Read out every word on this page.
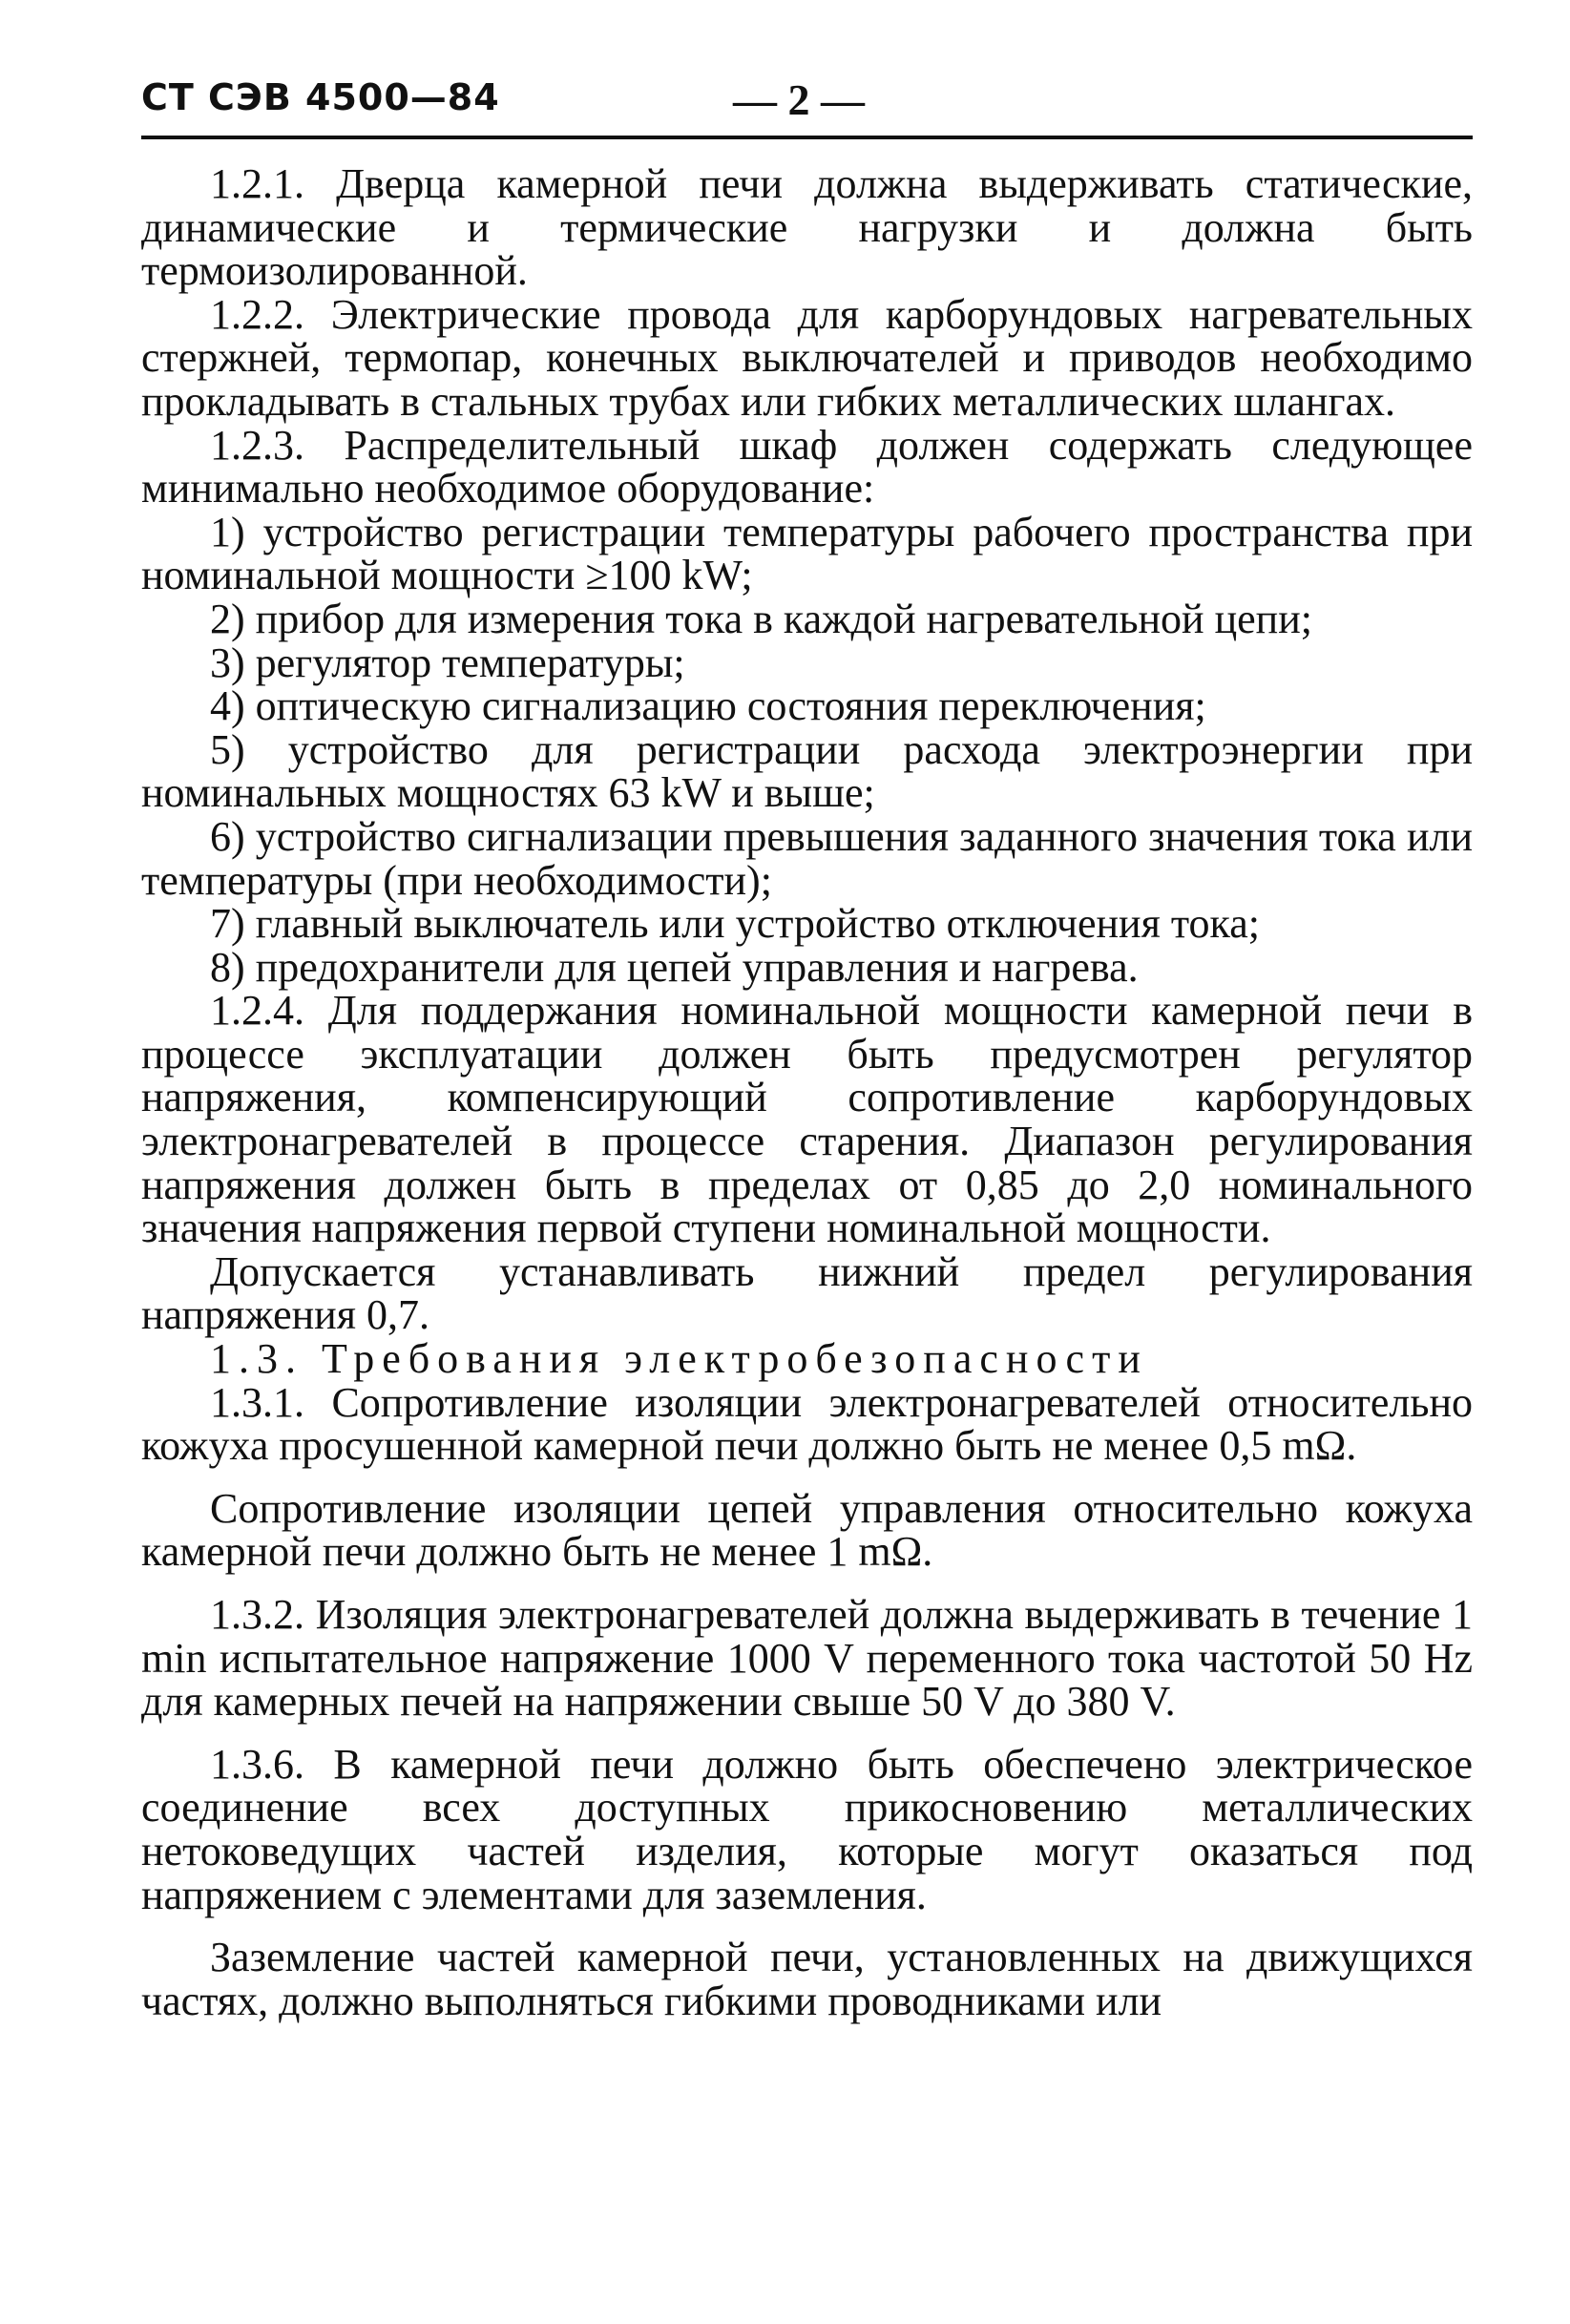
СТ СЭВ 4500—84	— 2 —

1.2.1. Дверца камерной печи должна выдерживать статические, динамические и термические нагрузки и должна быть термоизолированной.

1.2.2. Электрические провода для карборундовых нагревательных стержней, термопар, конечных выключателей и приводов необходимо прокладывать в стальных трубах или гибких металлических шлангах.

1.2.3. Распределительный шкаф должен содержать следующее минимально необходимое оборудование:

1) устройство регистрации температуры рабочего пространства при номинальной мощности ≥100 kW;

2) прибор для измерения тока в каждой нагревательной цепи;

3) регулятор температуры;

4) оптическую сигнализацию состояния переключения;

5) устройство для регистрации расхода электроэнергии при номинальных мощностях 63 kW и выше;

6) устройство сигнализации превышения заданного значения тока или температуры (при необходимости);

7) главный выключатель или устройство отключения тока;

8) предохранители для цепей управления и нагрева.

1.2.4. Для поддержания номинальной мощности камерной печи в процессе эксплуатации должен быть предусмотрен регулятор напряжения, компенсирующий сопротивление карборундовых электронагревателей в процессе старения. Диапазон регулирования напряжения должен быть в пределах от 0,85 до 2,0 номинального значения напряжения первой ступени номинальной мощности.

Допускается устанавливать нижний предел регулирования напряжения 0,7.

1.3. Требования электробезопасности

1.3.1. Сопротивление изоляции электронагревателей относительно кожуха просушенной камерной печи должно быть не менее 0,5 mΩ.

Сопротивление изоляции цепей управления относительно кожуха камерной печи должно быть не менее 1 mΩ.

1.3.2. Изоляция электронагревателей должна выдерживать в течение 1 min испытательное напряжение 1000 V переменного тока частотой 50 Hz для камерных печей на напряжении свыше 50 V до 380 V.

1.3.6. В камерной печи должно быть обеспечено электрическое соединение всех доступных прикосновению металлических нетоковедущих частей изделия, которые могут оказаться под напряжением с элементами для заземления.

Заземление частей камерной печи, установленных на движущихся частях, должно выполняться гибкими проводниками или
